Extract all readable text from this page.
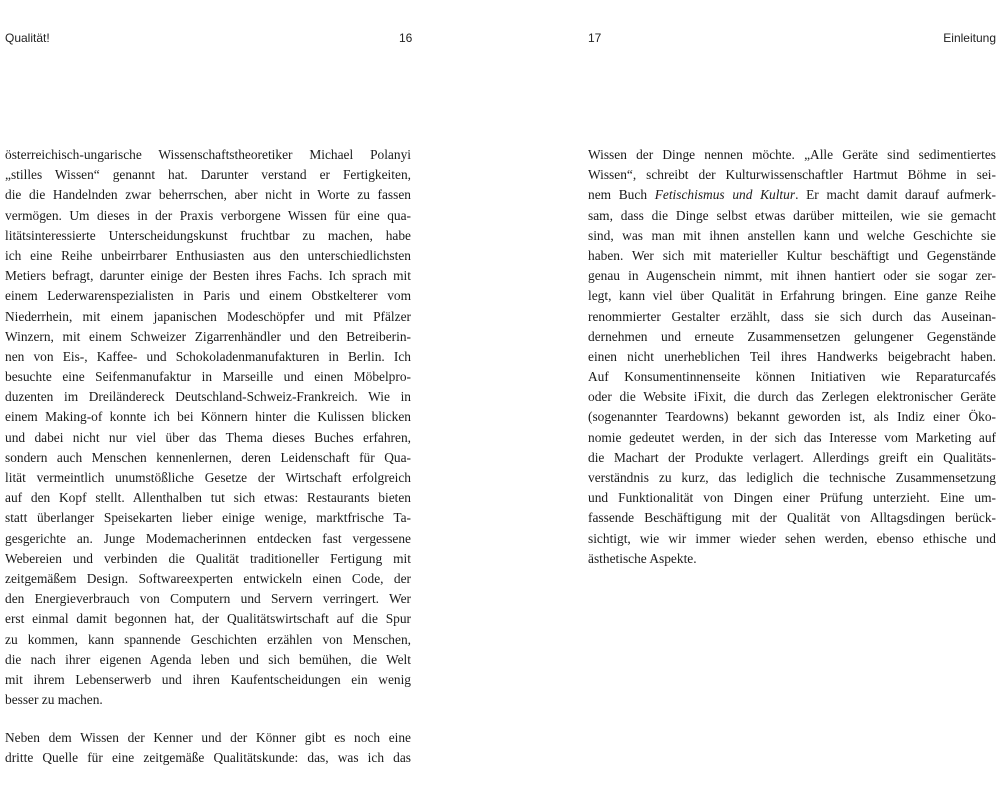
Qualität!	16
österreichisch-ungarische Wissenschaftstheoretiker Michael Polanyi
„stilles Wissen“ genannt hat. Darunter verstand er Fertigkeiten,
die die Handelnden zwar beherrschen, aber nicht in Worte zu fassen
vermögen. Um dieses in der Praxis verborgene Wissen für eine qua-
litätsinteressierte Unterscheidungskunst fruchtbar zu machen, habe
ich eine Reihe unbeirrbarer Enthusiasten aus den unterschiedlichsten
Metiers befragt, darunter einige der Besten ihres Fachs. Ich sprach mit
einem Lederwarenspezialisten in Paris und einem Obstkelterer vom
Niederrhein, mit einem japanischen Modeschöpfer und mit Pfälzer
Winzern, mit einem Schweizer Zigarrenhändler und den Betreiberin-
nen von Eis-, Kaffee- und Schokoladenmanufakturen in Berlin. Ich
besuchte eine Seifenmanufaktur in Marseille und einen Möbelpro-
duzenten im Dreiländereck Deutschland-Schweiz-Frankreich. Wie in
einem Making-of konnte ich bei Könnern hinter die Kulissen blicken
und dabei nicht nur viel über das Thema dieses Buches erfahren,
sondern auch Menschen kennenlernen, deren Leidenschaft für Qua-
lität vermeintlich unumstößliche Gesetze der Wirtschaft erfolgreich
auf den Kopf stellt. Allenthalben tut sich etwas: Restaurants bieten
statt überlanger Speisekarten lieber einige wenige, marktfrische Ta-
gesgerichte an. Junge Modemacherinnen entdecken fast vergessene
Webereien und verbinden die Qualität traditioneller Fertigung mit
zeitgemäßem Design. Softwareexperten entwickeln einen Code, der
den Energieverbrauch von Computern und Servern verringert. Wer
erst einmal damit begonnen hat, der Qualitätswirtschaft auf die Spur
zu kommen, kann spannende Geschichten erzählen von Menschen,
die nach ihrer eigenen Agenda leben und sich bemühen, die Welt
mit ihrem Lebenserwerb und ihren Kaufentscheidungen ein wenig
besser zu machen.
Neben dem Wissen der Kenner und der Könner gibt es noch eine
dritte Quelle für eine zeitgemäße Qualitätskunde: das, was ich das
17	Einleitung
Wissen der Dinge nennen möchte. „Alle Geräte sind sedimentiertes
Wissen“, schreibt der Kulturwissenschaftler Hartmut Böhme in sei-
nem Buch Fetischismus und Kultur. Er macht damit darauf aufmerk-
sam, dass die Dinge selbst etwas darüber mitteilen, wie sie gemacht
sind, was man mit ihnen anstellen kann und welche Geschichte sie
haben. Wer sich mit materieller Kultur beschäftigt und Gegenstände
genau in Augenschein nimmt, mit ihnen hantiert oder sie sogar zer-
legt, kann viel über Qualität in Erfahrung bringen. Eine ganze Reihe
renommierter Gestalter erzählt, dass sie sich durch das Auseinan-
dernehmen und erneute Zusammensetzen gelungener Gegenstände
einen nicht unerheblichen Teil ihres Handwerks beigebracht haben.
Auf Konsumentinnenseite können Initiativen wie Reparaturcafés
oder die Website iFixit, die durch das Zerlegen elektronischer Geräte
(sogenannter Teardowns) bekannt geworden ist, als Indiz einer Öko-
nomie gedeutet werden, in der sich das Interesse vom Marketing auf
die Machart der Produkte verlagert. Allerdings greift ein Qualitäts-
verständnis zu kurz, das lediglich die technische Zusammensetzung
und Funktionalität von Dingen einer Prüfung unterzieht. Eine um-
fassende Beschäftigung mit der Qualität von Alltagsdingen berück-
sichtigt, wie wir immer wieder sehen werden, ebenso ethische und
ästhetische Aspekte.
